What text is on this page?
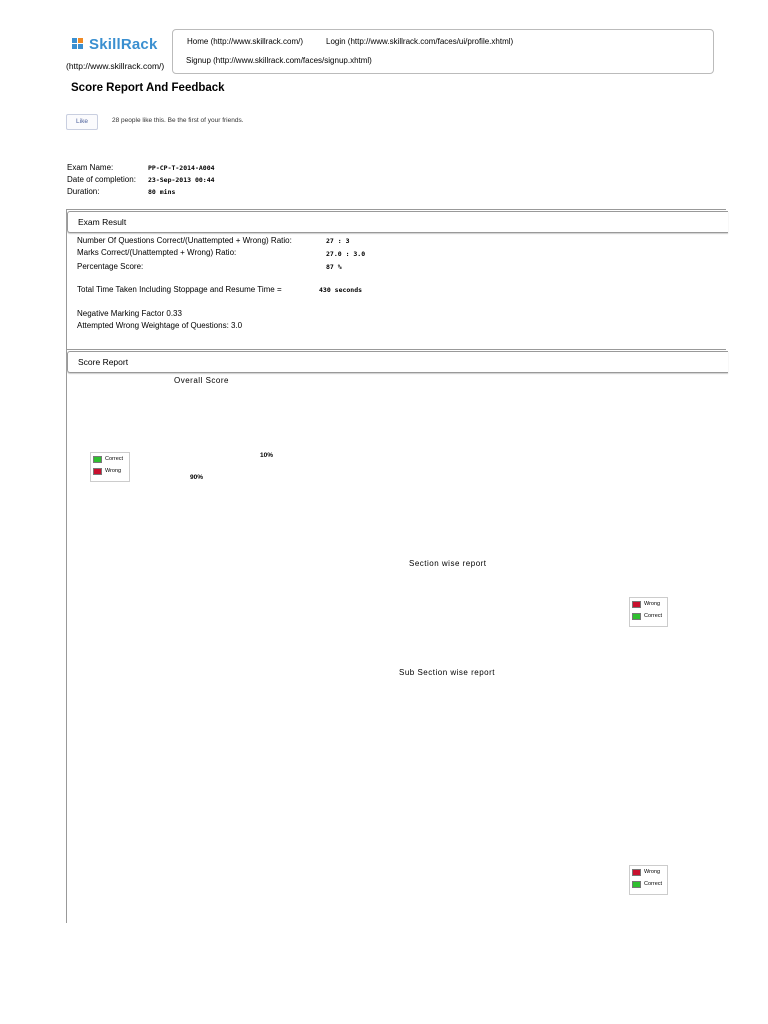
SkillRack
(http://www.skillrack.com/)
Home (http://www.skillrack.com/)	Login (http://www.skillrack.com/faces/ui/profile.xhtml)
Signup (http://www.skillrack.com/faces/signup.xhtml)
Score Report And Feedback
Like	28 people like this. Be the first of your friends.
Exam Name:	PP-CP-T-2014-A004
Date of completion: 23-Sep-2013 00:44
Duration:	80 mins
Exam Result
Number Of Questions Correct/(Unattempted + Wrong) Ratio:	27 : 3
Marks Correct/(Unattempted + Wrong) Ratio:	27.0 : 3.0
Percentage Score:	87 %
Total Time Taken Including Stoppage and Resume Time =	430 seconds
Negative Marking Factor 0.33
Attempted Wrong Weightage of Questions: 3.0
Score Report
Overall Score
Correct
Wrong
10%
90%
Section wise report
Wrong
Correct
Sub Section wise report
Wrong
Correct
